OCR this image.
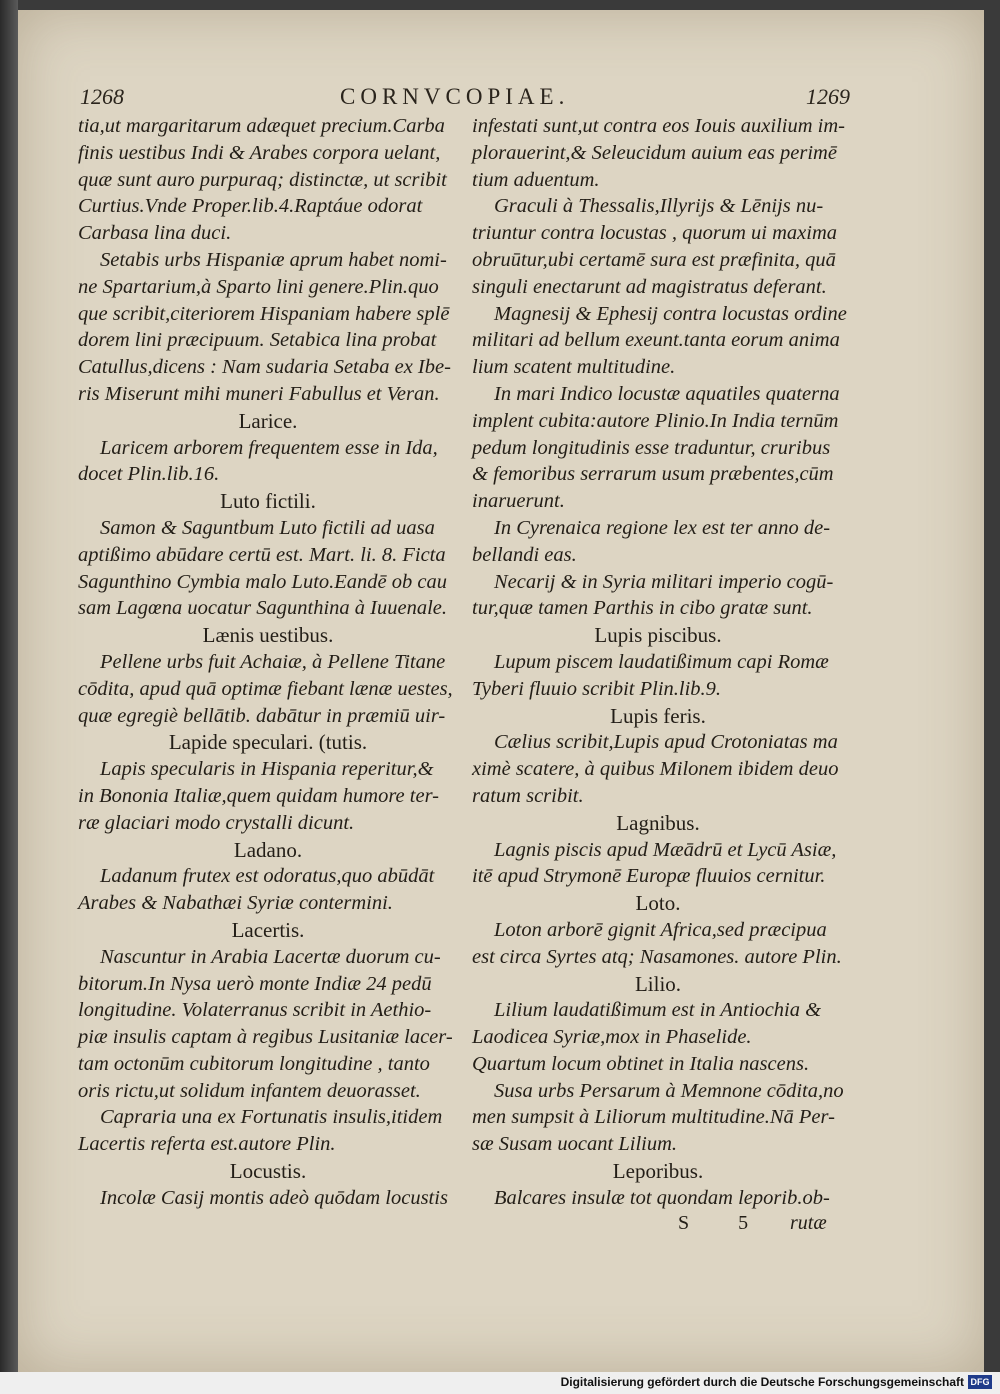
1268	CORNVCOPIAE.	1269
tia,ut margaritarum adæquet precium.Carba
finis uestibus Indi & Arabes corpora uelant,
quæ sunt auro purpuraq; distinctæ, ut scribit
Curtius.Vnde Proper.lib.4.Raptáue odorat
Carbasa lina duci.
Setabis urbs Hispaniæ aprum habet nomi-
ne Spartarium,à Sparto lini genere.Plin.quo
que scribit,citeriorem Hispaniam habere splē
dorem lini præcipuum. Setabica lina probat
Catullus,dicens : Nam sudaria Setaba ex Ibe-
ris Miserunt mihi muneri Fabullus et Veran.
Larice.
Laricem arborem frequentem esse in Ida,
docet Plin.lib.16.
Luto fictili.
Samon & Saguntbum Luto fictili ad uasa
aptißimo abūdare certū est. Mart. li. 8. Ficta
Sagunthino Cymbia malo Luto.Eandē ob cau
sam Lagœna uocatur Sagunthina à Iuuenale.
Lænis uestibus.
Pellene urbs fuit Achaiæ, à Pellene Titane
cōdita, apud quā optimæ fiebant lænæ uestes,
quæ egregiè bellātib. dabātur in præmiū uir-
Lapide speculari. (tutis.
Lapis specularis in Hispania reperitur,&
in Bononia Italiæ,quem quidam humore ter-
ræ glaciari modo crystalli dicunt.
Ladano.
Ladanum frutex est odoratus,quo abūdāt
Arabes & Nabathæi Syriæ contermini.
Lacertis.
Nascuntur in Arabia Lacertæ duorum cu-
bitorum.In Nysa uerò monte Indiæ 24 pedū
longitudine. Volaterranus scribit in Aethio-
piæ insulis captam à regibus Lusitaniæ lacer-
tam octonūm cubitorum longitudine , tanto
oris rictu,ut solidum infantem deuorasset.
Capraria una ex Fortunatis insulis,itidem
Lacertis referta est.autore Plin.
Locustis.
Incolæ Casij montis adeò quōdam locustis
infestati sunt,ut contra eos Iouis auxilium im-
plorauerint,& Seleucidum auium eas perimē
tium aduentum.
Graculi à Thessalis,Illyrijs & Lēnijs nu-
triuntur contra locustas , quorum ui maxima
obruūtur,ubi certamē sura est præfinita, quā
singuli enectarunt ad magistratus deferant.
Magnesij & Ephesij contra locustas ordine
militari ad bellum exeunt.tanta eorum anima
lium scatent multitudine.
In mari Indico locustæ aquatiles quaterna
implent cubita:autore Plinio.In India ternūm
pedum longitudinis esse traduntur, cruribus
& femoribus serrarum usum præbentes,cūm
inaruerunt.
In Cyrenaica regione lex est ter anno de-
bellandi eas.
Necarij & in Syria militari imperio cogū-
tur,quæ tamen Parthis in cibo gratæ sunt.
Lupis piscibus.
Lupum piscem laudatißimum capi Romæ
Tyberi fluuio scribit Plin.lib.9.
Lupis feris.
Cælius scribit,Lupis apud Crotoniatas ma
ximè scatere, à quibus Milonem ibidem deuo
ratum scribit.
Lagnibus.
Lagnis piscis apud Mæādrū et Lycū Asiæ,
itē apud Strymonē Europæ fluuios cernitur.
Loto.
Loton arborē gignit Africa,sed præcipua
est circa Syrtes atq; Nasamones. autore Plin.
Lilio.
Lilium laudatißimum est in Antiochia &
Laodicea Syriæ,mox in Phaselide.
Quartum locum obtinet in Italia nascens.
Susa urbs Persarum à Memnone cōdita,no
men sumpsit à Liliorum multitudine.Nā Per-
sæ Susam uocant Lilium.
Leporibus.
Balcares insulæ tot quondam leporib.ob-
S 5 rutæ
Digitalisierung gefördert durch die Deutsche Forschungsgemeinschaft DFG
